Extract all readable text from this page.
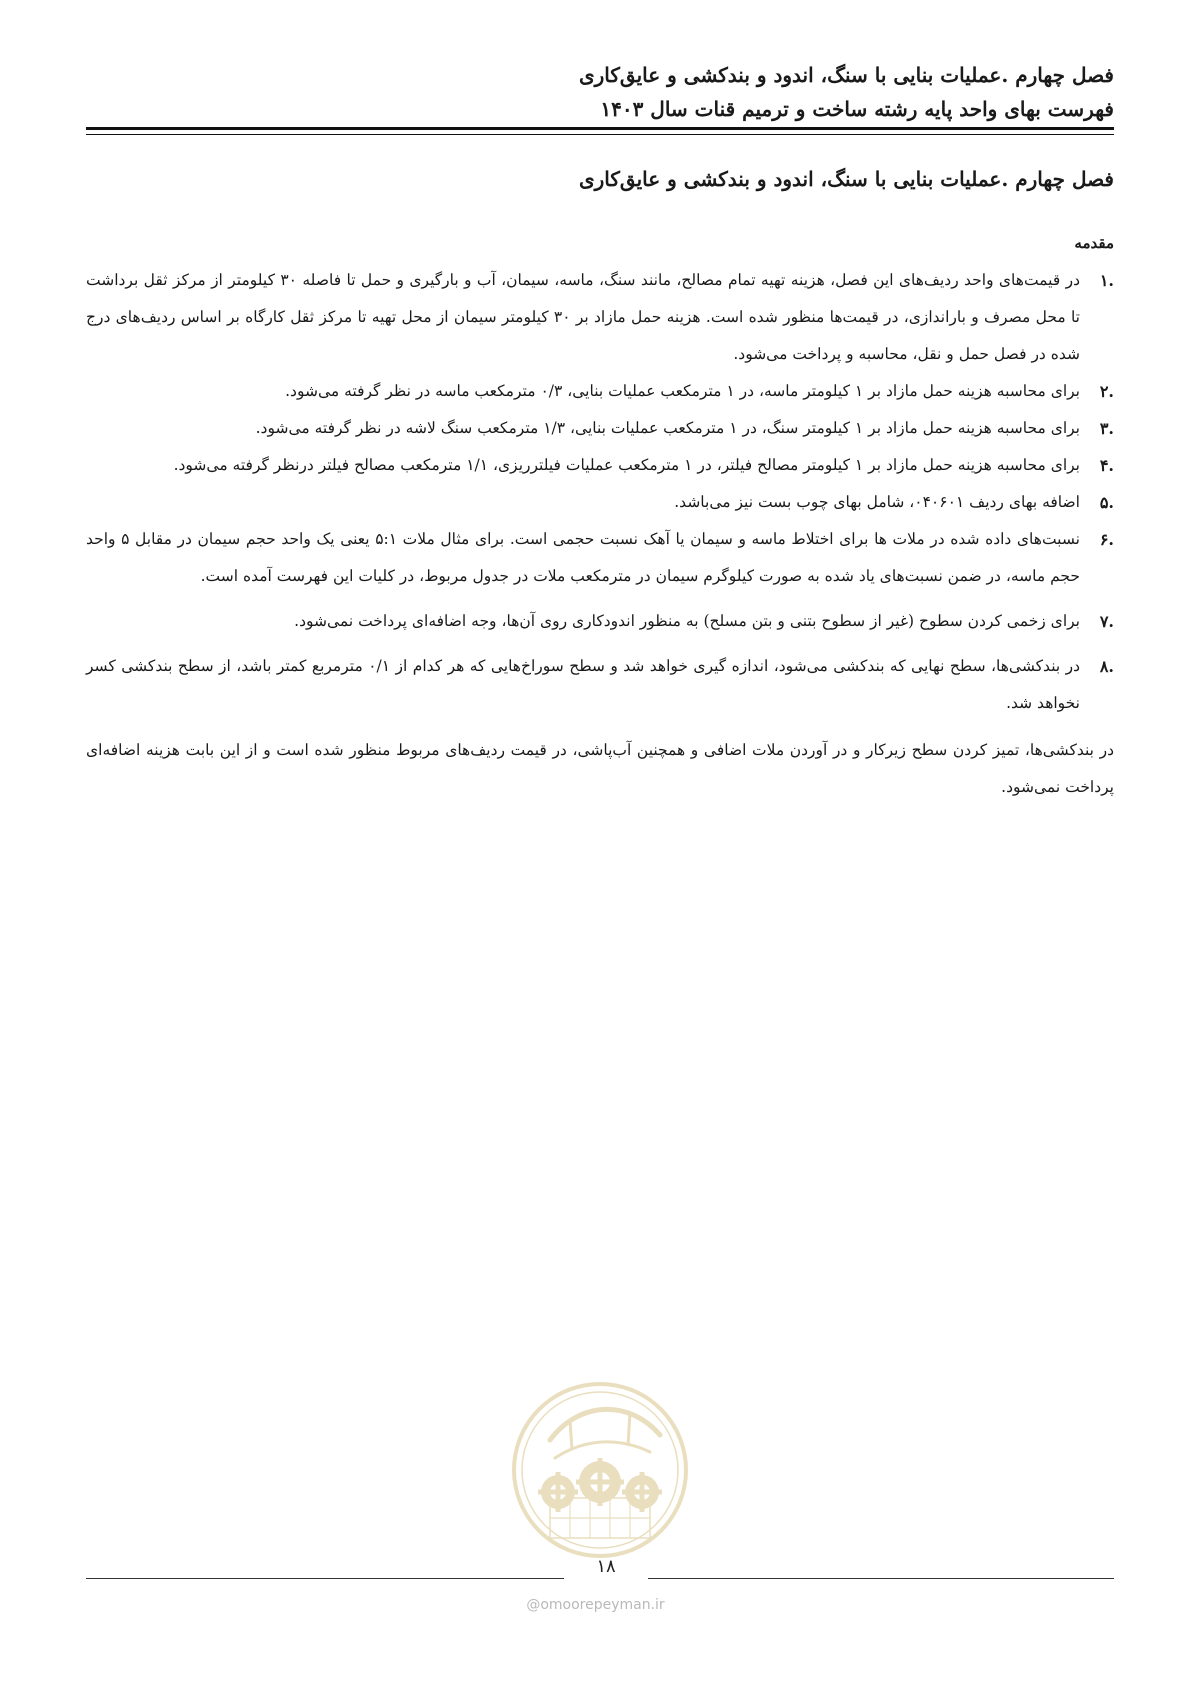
فصل چهارم .عملیات بنایی با سنگ، اندود و بندکشی و عایق‌کاری
فهرست بهای واحد پایه رشته ساخت و ترمیم قنات سال ۱۴۰۳
فصل چهارم .عملیات بنایی با سنگ، اندود و بندکشی و عایق‌کاری
مقدمه
.۱
در قیمت‌های واحد ردیف‌های این فصل، هزینه تهیه تمام مصالح، مانند سنگ، ماسه، سیمان، آب و بارگیری و حمل تا فاصله ۳۰ کیلومتر از مرکز ثقل برداشت تا محل مصرف و باراندازی، در قیمت‌ها منظور شده است. هزینه حمل مازاد بر ۳۰ کیلومتر سیمان از محل تهیه تا مرکز ثقل کارگاه بر اساس ردیف‌های درج شده در فصل حمل و نقل، محاسبه و پرداخت می‌شود.
.۲
برای محاسبه هزینه حمل مازاد بر ۱ کیلومتر ماسه، در ۱ مترمکعب عملیات بنایی، ۰/۳ مترمکعب ماسه در نظر گرفته می‌شود.
.۳
برای محاسبه هزینه حمل مازاد بر ۱ کیلومتر سنگ، در ۱ مترمکعب عملیات بنایی، ۱/۳ مترمکعب سنگ لاشه در نظر گرفته می‌شود.
.۴
برای محاسبه هزینه حمل مازاد بر ۱ کیلومتر مصالح فیلتر، در ۱ مترمکعب عملیات فیلترریزی، ۱/۱ مترمکعب مصالح فیلتر درنظر گرفته می‌شود.
.۵
اضافه بهای ردیف ۰۴۰۶۰۱، شامل بهای چوب بست نیز می‌باشد.
.۶
نسبت‌های داده شده در ملات ها برای اختلاط ماسه و سیمان یا آهک نسبت حجمی است. برای مثال ملات ۵:۱ یعنی یک واحد حجم سیمان در مقابل ۵ واحد حجم ماسه، در ضمن نسبت‌های یاد شده به صورت کیلوگرم سیمان در مترمکعب ملات در جدول مربوط، در کلیات این فهرست آمده است.
.۷
برای زخمی کردن سطوح (غیر از سطوح بتنی و بتن مسلح) به منظور اندودکاری روی آن‌ها، وجه اضافه‌ای پرداخت نمی‌شود.
.۸
در بندکشی‌ها، سطح نهایی که بندکشی می‌شود، اندازه گیری خواهد شد و سطح سوراخ‌هایی که هر کدام از ۰/۱ مترمربع کمتر باشد، از سطح بندکشی کسر نخواهد شد.
در بندکشی‌ها، تمیز کردن سطح زیرکار و در آوردن ملات اضافی و همچنین آب‌پاشی، در قیمت ردیف‌های مربوط منظور شده است و از این بابت هزینه اضافه‌ای پرداخت نمی‌شود.
۱۸
@omoorepeyman.ir
